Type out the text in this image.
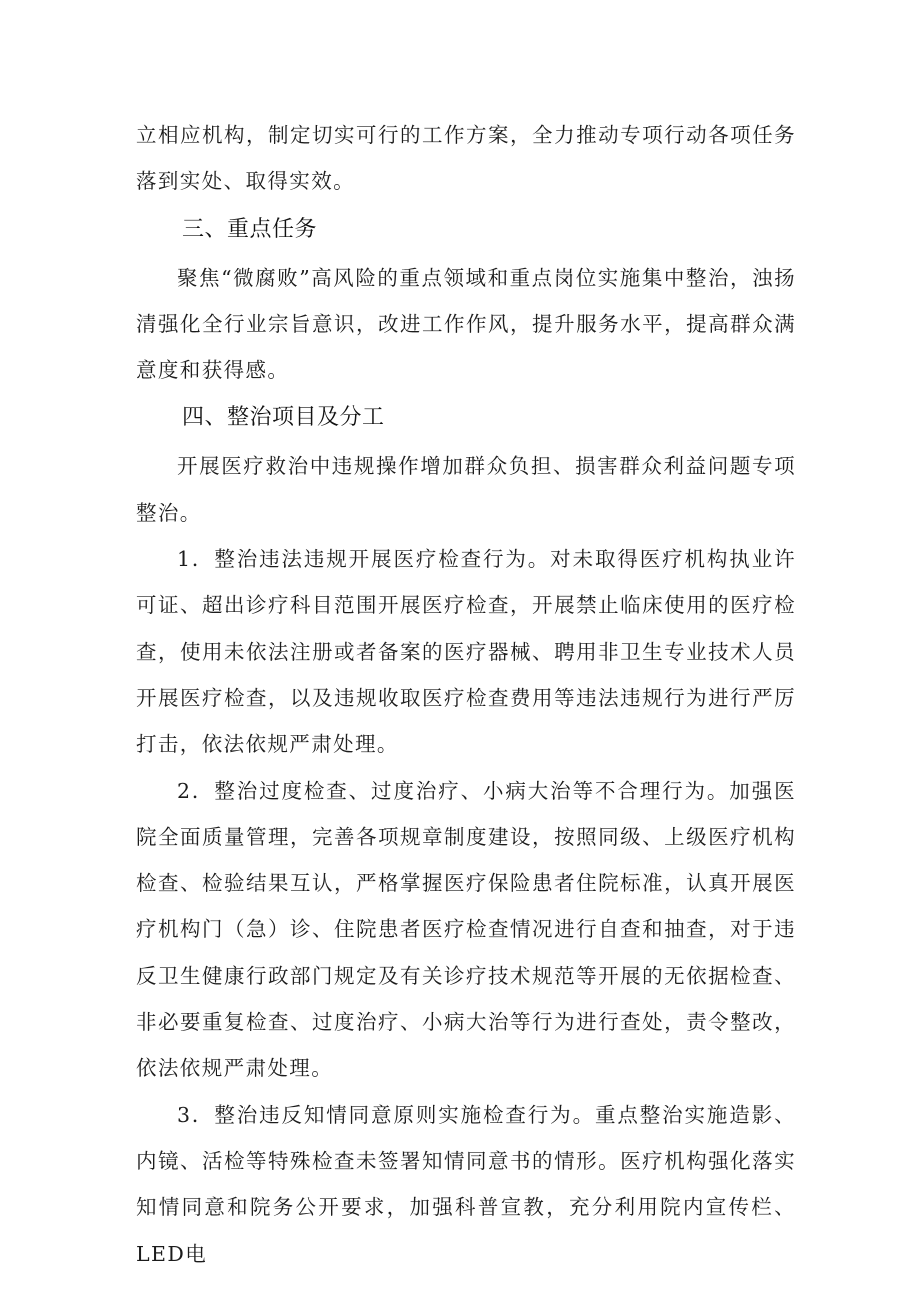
立相应机构，制定切实可行的工作方案，全力推动专项行动各项任务落到实处、取得实效。

三、重点任务

聚焦“微腐败”高风险的重点领域和重点岗位实施集中整治，浊扬清强化全行业宗旨意识，改进工作作风，提升服务水平，提高群众满意度和获得感。

四、整治项目及分工

开展医疗救治中违规操作增加群众负担、损害群众利益问题专项整治。

1．整治违法违规开展医疗检查行为。对未取得医疗机构执业许可证、超出诊疗科目范围开展医疗检查，开展禁止临床使用的医疗检查，使用未依法注册或者备案的医疗器械、聘用非卫生专业技术人员开展医疗检查，以及违规收取医疗检查费用等违法违规行为进行严厉打击，依法依规严肃处理。

2．整治过度检查、过度治疗、小病大治等不合理行为。加强医院全面质量管理，完善各项规章制度建设，按照同级、上级医疗机构检查、检验结果互认，严格掌握医疗保险患者住院标准，认真开展医疗机构门（急）诊、住院患者医疗检查情况进行自查和抽查，对于违反卫生健康行政部门规定及有关诊疗技术规范等开展的无依据检查、非必要重复检查、过度治疗、小病大治等行为进行查处，责令整改，依法依规严肃处理。

3．整治违反知情同意原则实施检查行为。重点整治实施造影、内镜、活检等特殊检查未签署知情同意书的情形。医疗机构强化落实知情同意和院务公开要求，加强科普宣教，充分利用院内宣传栏、LED电
